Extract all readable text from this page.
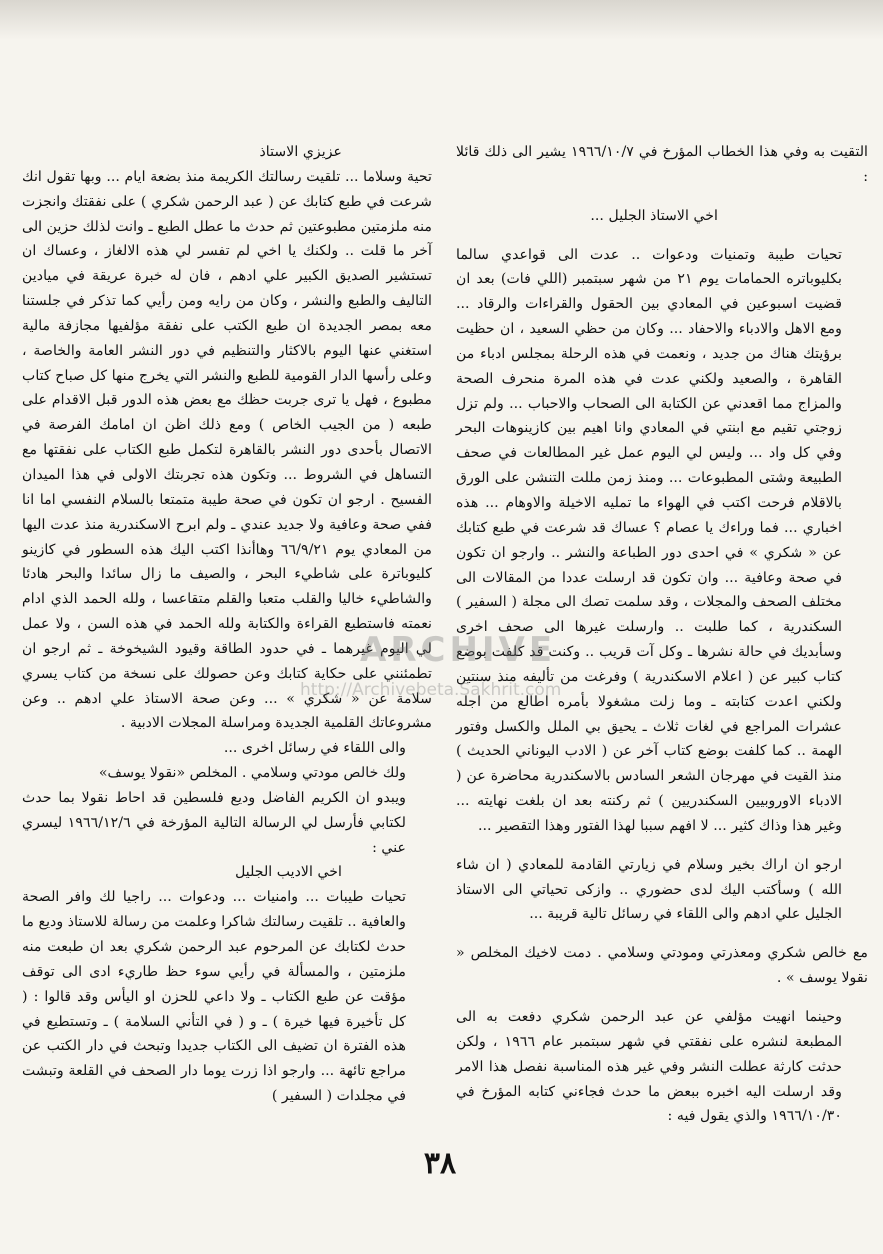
التقيت به وفي هذا الخطاب المؤرخ في ١٩٦٦/١٠/٧ يشير الى ذلك قائلا :

اخي الاستاذ الجليل ...

تحيات طيبة وتمنيات ودعوات .. عدت الى قواعدي سالما بكليوباتره الحمامات يوم ٢١ من شهر سبتمبر (اللي فات) بعد ان قضيت اسبوعين في المعادي بين الحقول والقراءات والرقاد ... ومع الاهل والادباء والاحفاد ... وكان من حظي السعيد ، ان حظيت برؤيتك هناك من جديد ، ونعمت في هذه الرحلة بمجلس ادباء من القاهرة ، والصعيد ولكني عدت في هذه المرة منحرف الصحة والمزاج مما اقعدني عن الكتابة الى الصحاب والاحباب ... ولم تزل زوجتي تقيم مع ابنتي في المعادي وانا اهيم بين كازينوهات البحر وفي كل واد ... وليس لي اليوم عمل غير المطالعات في صحف الطبيعة وشتى المطبوعات ... ومنذ زمن مللت التنشن على الورق بالاقلام فرحت اكتب في الهواء ما تمليه الاخيلة والاوهام ... هذه اخباري ... فما وراءك يا عصام ؟ عساك قد شرعت في طبع كتابك عن « شكري » في احدى دور الطباعة والنشر .. وارجو ان تكون في صحة وعافية ... وان تكون قد ارسلت عددا من المقالات الى مختلف الصحف والمجلات ، وقد سلمت تصك الى مجلة ( السفير ) السكندرية ، كما طلبت .. وارسلت غيرها الى صحف اخرى وسأبديك في حالة نشرها ـ وكل آت قريب .. وكنت قد كلفت بوضع كتاب كبير عن ( اعلام الاسكندرية ) وفرغت من تأليفه منذ سنتين ولكني اعدت كتابته ـ وما زلت مشغولا بأمره اطالع من اجله عشرات المراجع في لغات ثلاث ـ يحيق بي الملل والكسل وفتور الهمة .. كما كلفت بوضع كتاب آخر عن ( الادب اليوناني الحديث ) منذ القيت في مهرجان الشعر السادس بالاسكندرية محاضرة عن ( الادباء الاوروبيين السكندريين ) ثم ركنته بعد ان بلغت نهايته ... وغير هذا وذاك كثير ... لا افهم سببا لهذا الفتور وهذا التقصير ...

ارجو ان اراك بخير وسلام في زيارتي القادمة للمعادي ( ان شاء الله ) وسأكتب اليك لدى حضوري .. وازكى تحياتي الى الاستاذ الجليل علي ادهم والى اللقاء في رسائل تالية قريبة ...

مع خالص شكري ومعذرتي ومودتي وسلامي . دمت لاخيك المخلص « نقولا يوسف » .

وحينما انهيت مؤلفي عن عبد الرحمن شكري دفعت به الى المطبعة لنشره على نفقتي في شهر سبتمبر عام ١٩٦٦ ، ولكن حدثت كارثة عطلت النشر وفي غير هذه المناسبة نفصل هذا الامر وقد ارسلت اليه اخبره ببعض ما حدث فجاءني كتابه المؤرخ في ١٩٦٦/١٠/٣٠ والذي يقول فيه :

عزيزي الاستاذ

تحية وسلاما ... تلقيت رسالتك الكريمة منذ بضعة ايام ... وبها تقول انك شرعت في طبع كتابك عن ( عبد الرحمن شكري ) على نفقتك وانجزت منه ملزمتين مطبوعتين ثم حدث ما عطل الطبع ـ وانت لذلك حزين الى آخر ما قلت .. ولكنك يا اخي لم تفسر لي هذه الالغاز ، وعساك ان تستشير الصديق الكبير علي ادهم ، فان له خبرة عريقة في ميادين التاليف والطبع والنشر ، وكان من رايه ومن رأيي كما تذكر في جلستنا معه بمصر الجديدة ان طبع الكتب على نفقة مؤلفيها مجازفة مالية استغني عنها اليوم بالاكثار والتنظيم في دور النشر العامة والخاصة ، وعلى رأسها الدار القومية للطبع والنشر التي يخرج منها كل صباح كتاب مطبوع ، فهل يا ترى جربت حظك مع بعض هذه الدور قبل الاقدام على طبعه ( من الجيب الخاص ) ومع ذلك اظن ان امامك الفرصة في الاتصال بأحدى دور النشر بالقاهرة لتكمل طبع الكتاب على نفقتها مع التساهل في الشروط ... وتكون هذه تجربتك الاولى في هذا الميدان الفسيح . ارجو ان تكون في صحة طيبة متمتعا بالسلام النفسي اما انا ففي صحة وعافية ولا جديد عندي ـ ولم ابرح الاسكندرية منذ عدت اليها من المعادي يوم ٦٦/٩/٢١ وهاأنذا اكتب اليك هذه السطور في كازينو كليوباترة على شاطيء البحر ، والصيف ما زال سائدا والبحر هادئا والشاطيء خاليا والقلب متعبا والقلم متقاعسا ، ولله الحمد الذي ادام نعمته فاستطيع القراءة والكتابة ولله الحمد في هذه السن ، ولا عمل لي اليوم غيرهما ـ في حدود الطاقة وقيود الشيخوخة ـ ثم ارجو ان تطمئنني على حكاية كتابك وعن حصولك على نسخة من كتاب يسري سلامة عن « شكري » ... وعن صحة الاستاذ علي ادهم .. وعن مشروعاتك القلمية الجديدة ومراسلة المجلات الادبية .

والى اللقاء في رسائل اخرى ...

ولك خالص مودتي وسلامي . المخلص «نقولا يوسف»

ويبدو ان الكريم الفاضل وديع فلسطين قد احاط نقولا بما حدث لكتابي فأرسل لي الرسالة التالية المؤرخة في ١٩٦٦/١٢/٦ ليسري عني :

اخي الاديب الجليل

تحيات طيبات ... وامنيات ... ودعوات ... راجيا لك وافر الصحة والعافية .. تلقيت رسالتك شاكرا وعلمت من رسالة للاستاذ وديع ما حدث لكتابك عن المرحوم عبد الرحمن شكري بعد ان طبعت منه ملزمتين ، والمسألة في رأيي سوء حظ طاريء ادى الى توقف مؤقت عن طبع الكتاب ـ ولا داعي للحزن او اليأس وقد قالوا : ( كل تأخيرة فيها خيرة ) ـ و ( في التأني السلامة ) ـ وتستطيع في هذه الفترة ان تضيف الى الكتاب جديدا وتبحث في دار الكتب عن مراجع تائهة ... وارجو اذا زرت يوما دار الصحف في القلعة وتبشت في مجلدات ( السفير )

ARCHIVE
http://Archivebeta.Sakhrit.com
٣٨
